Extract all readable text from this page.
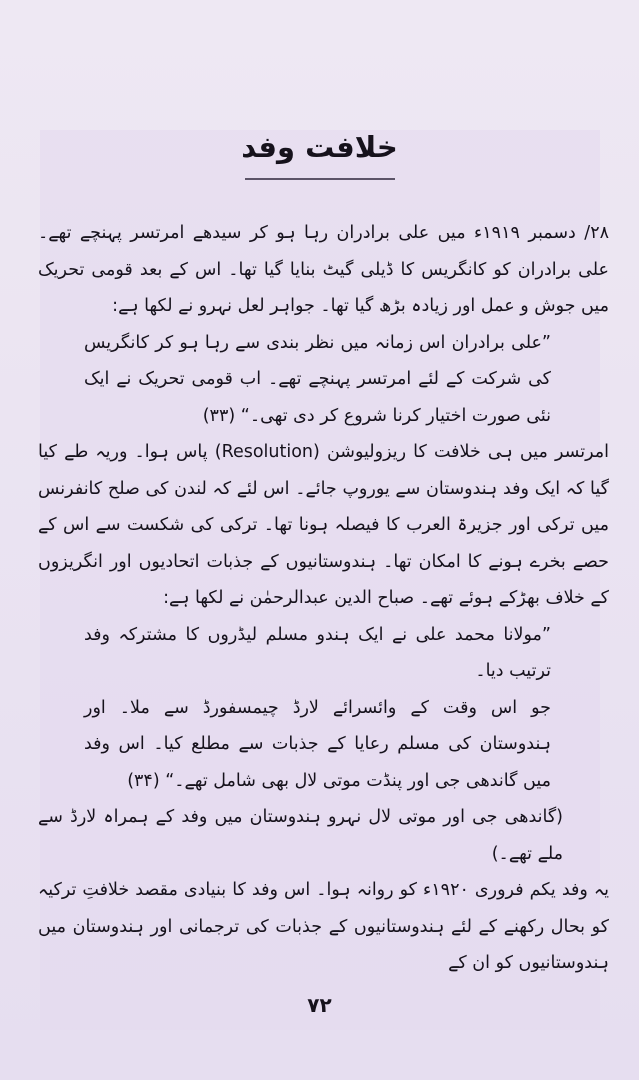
خلافت وفد

۲۸/ دسمبر ۱۹۱۹ء میں علی برادران رہا ہو کر سیدھے امرتسر پہنچے تھے۔ علی برادران کو کانگریس کا ڈیلی گیٹ بنایا گیا تھا۔ اس کے بعد قومی تحریک میں جوش و عمل اور زیادہ بڑھ گیا تھا۔ جواہر لعل نہرو نے لکھا ہے:

”علی برادران اس زمانہ میں نظر بندی سے رہا ہو کر کانگریس کی شرکت کے لئے امرتسر پہنچے تھے۔ اب قومی تحریک نے ایک نئی صورت اختیار کرنا شروع کر دی تھی۔“ (۳۳)

امرتسر میں ہی خلافت کا ریزولیوشن (Resolution) پاس ہوا۔ وریہ طے کیا گیا کہ ایک وفد ہندوستان سے یوروپ جائے۔ اس لئے کہ لندن کی صلح کانفرنس میں ترکی اور جزیرۃ العرب کا فیصلہ ہونا تھا۔ ترکی کی شکست سے اس کے حصے بخرے ہونے کا امکان تھا۔ ہندوستانیوں کے جذبات اتحادیوں اور انگریزوں کے خلاف بھڑکے ہوئے تھے۔ صباح الدین عبدالرحمٰن نے لکھا ہے:

”مولانا محمد علی نے ایک ہندو مسلم لیڈروں کا مشترکہ وفد ترتیب دیا۔

جو اس وقت کے وائسرائے لارڈ چیمسفورڈ سے ملا۔ اور ہندوستان کی مسلم رعایا کے جذبات سے مطلع کیا۔ اس وفد میں گاندھی جی اور پنڈت موتی لال بھی شامل تھے۔“ (۳۴)

(گاندھی جی اور موتی لال نہرو ہندوستان میں وفد کے ہمراہ لارڈ سے ملے تھے۔)

یہ وفد یکم فروری ۱۹۲۰ء کو روانہ ہوا۔ اس وفد کا بنیادی مقصد خلافتِ ترکیہ کو بحال رکھنے کے لئے ہندوستانیوں کے جذبات کی ترجمانی اور ہندوستان میں ہندوستانیوں کو ان کے

۷۲
